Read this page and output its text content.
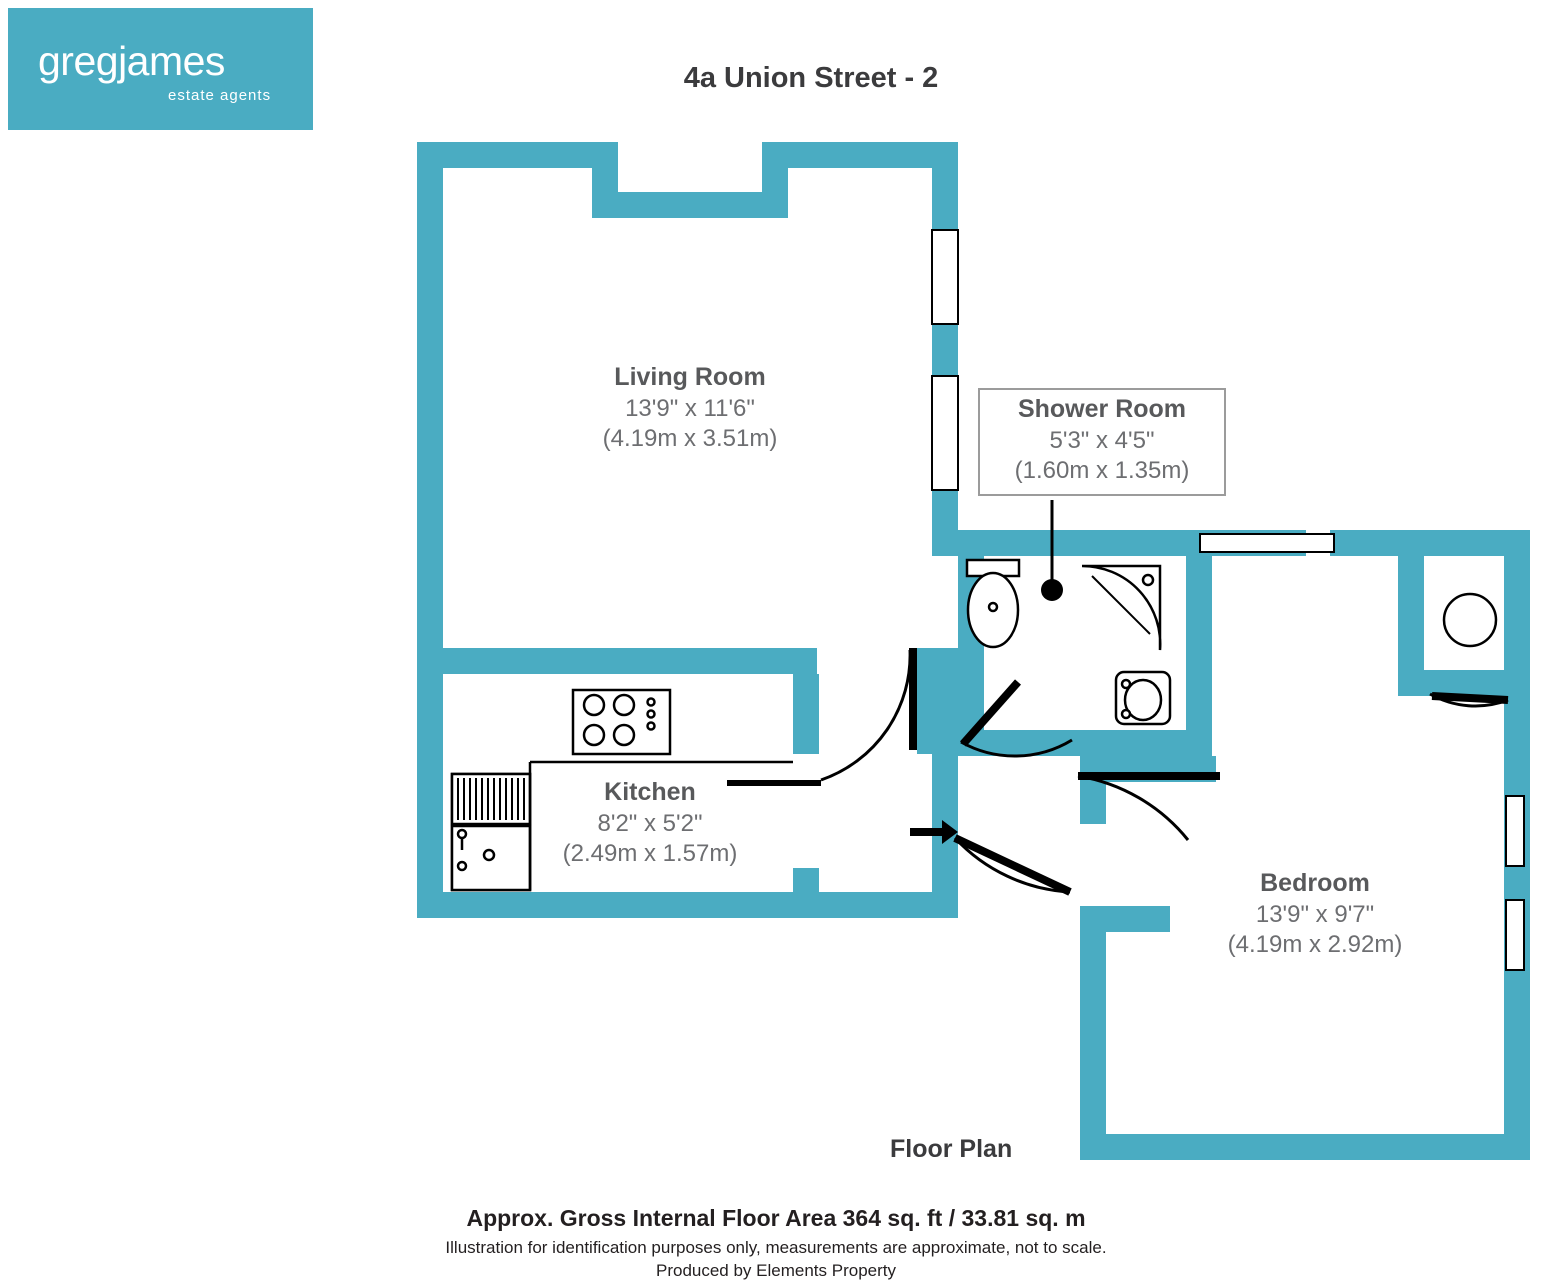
gregjames
estate agents
4a Union Street - 2
Living Room
13'9" x 11'6"
(4.19m x 3.51m)
Kitchen
8'2" x 5'2"
(2.49m x 1.57m)
Shower Room
5'3" x 4'5"
(1.60m x 1.35m)
Bedroom
13'9" x 9'7"
(4.19m x 2.92m)
Floor Plan
Approx. Gross Internal Floor Area 364 sq. ft / 33.81 sq. m
Illustration for identification purposes only, measurements are approximate, not to scale.
Produced by Elements Property
